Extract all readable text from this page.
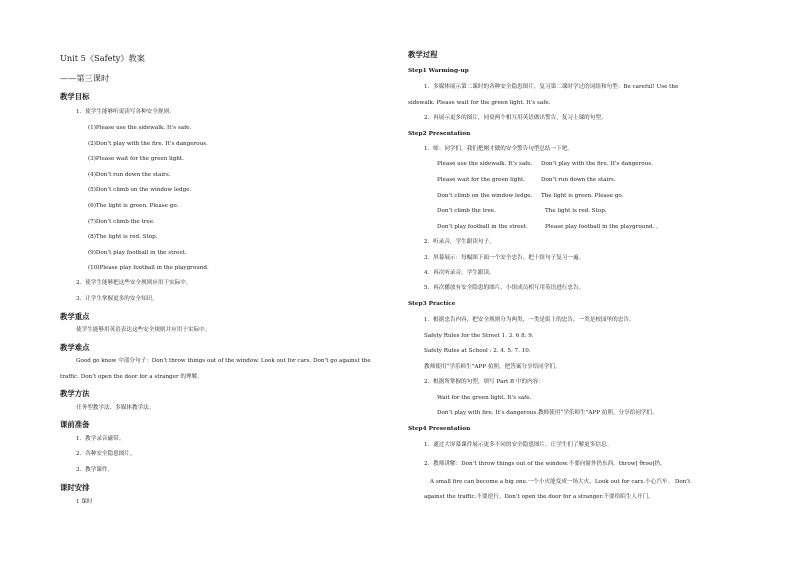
Unit 5《Safety》教案
——第三课时
教学目标
1．使学生能够听说读写各种安全规则：
(1)Please use the sidewalk. It’s safe.
(2)Don’t play with the fire. It’s dangerous.
(3)Please wait for the green light.
(4)Don’t run down the stairs.
(5)Don’t climb on the window ledge.
(6)The light is green. Please go.
(7)Don’t climb the tree.
(8)The light is red. Stop.
(9)Don’t play football in the street.
(10)Please play football in the playground.
2．使学生能够把这些安全规则应用于实际中。
3．让学生掌握更多的安全知识。
教学重点
使学生能够用英语表达这些安全规则并应用于实际中。
教学难点
Good go know 中部分句子：Don’t throw things out of the window. Look out for cars. Don’t go against the
traffic. Don’t open the door for a stranger 的理解。
教学方法
任务型教学法、多媒体教学法。
课前准备
1．教学录音磁带。
2．各种安全隐患图片。
3．教学课件。
课时安排
1 课时
教学过程
Step1 Warming-up
1．多媒体展示第二课时的各种安全隐患图片，复习第二课时学过的词组和句型：Be careful! Use the
sidewalk. Please wait for the green light. It’s safe.
2．再展示更多的图片，同桌两个相互用英语做出警告，复习上课的句型。
Step2 Presentation
1．师：同学们，我们把刚才做的安全警告句型总结一下吧。
Please use the sidewalk. It’s safe. Don’t play with the fire. It’s dangerous.
Please wait for the green light.	Don’t run down the stairs.
Don’t climb on the window ledge. The light is green. Please go.
Don’t climb the tree.	The light is red. Stop.
Don’t play football in the street.	Please play football in the playground. 。
2．听录音，学生跟读句子。
3．屏幕展示：每幅图下面一个安全忠告，把十组句子复习一遍。
4．再次听录音，学生跟读。
5．再次播放有安全隐患的图片，小组成员相互用英语进行忠告。
Step3 Practice
1．根据忠告内容，把安全规则分为两类，一类是街上的忠告，一类是校园里的忠告。
Safety Rules for the Street 1. 3. 6 8. 9.
Safety Rules at School : 2. 4. 5. 7. 10.
教师使用“学乐师生”APP 拍照，把答案分享给同学们。
2．根据所掌握的句型，填写 Part B 中的内容：
Wait for the green light. It’s safe.
Don’t play with fire. It’s dangerous.教师使用“学乐师生”APP 拍照，分享给同学们。
Step4 Presentation
1．通过大屏幕课件展示更多不同的安全隐患图片，让学生们了解更多信息。
2．教师讲解：Don’t throw things out of the window.不要向窗外扔东西。throw[ θrəʊ]扔。
A small fire can become a big one.一个小火能变成一场大火。Look out for cars.小心汽车。 Don’t
against the traffic.不要逆行。Don’t open the door for a stranger.不要给陌生人开门。
